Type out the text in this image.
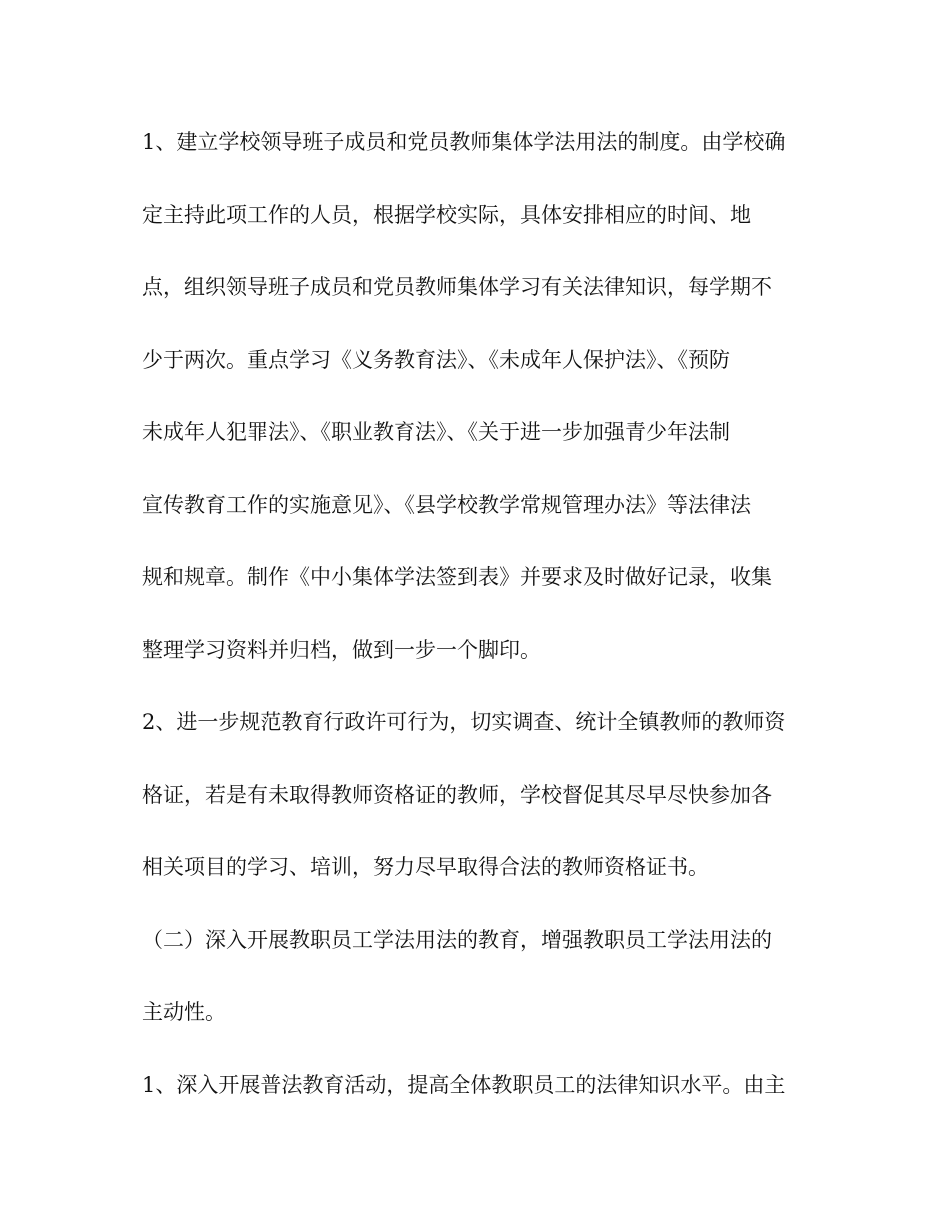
1、建立学校领导班子成员和党员教师集体学法用法的制度。由学校确
定主持此项工作的人员，根据学校实际，具体安排相应的时间、地
点，组织领导班子成员和党员教师集体学习有关法律知识，每学期不
少于两次。重点学习《义务教育法》、《未成年人保护法》、《预防
未成年人犯罪法》、《职业教育法》、《关于进一步加强青少年法制
宣传教育工作的实施意见》、《县学校教学常规管理办法》等法律法
规和规章。制作《中小集体学法签到表》并要求及时做好记录，收集
整理学习资料并归档，做到一步一个脚印。
2、进一步规范教育行政许可行为，切实调查、统计全镇教师的教师资
格证，若是有未取得教师资格证的教师，学校督促其尽早尽快参加各
相关项目的学习、培训，努力尽早取得合法的教师资格证书。
（二）深入开展教职员工学法用法的教育，增强教职员工学法用法的
主动性。
1、深入开展普法教育活动，提高全体教职员工的法律知识水平。由主
